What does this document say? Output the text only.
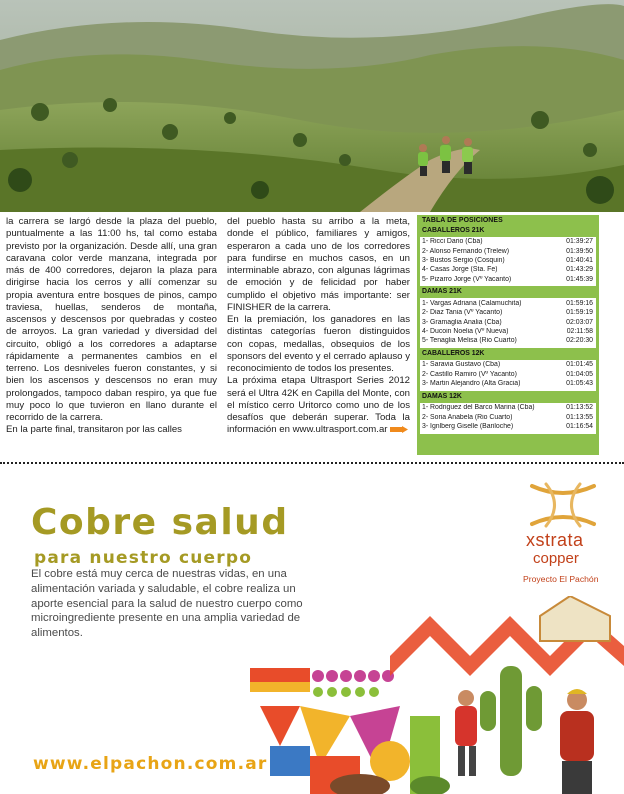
la carrera se largó desde la plaza del pueblo, puntualmente a las 11:00 hs, tal como estaba previsto por la organización. Desde allí, una gran caravana color verde manzana, integrada por más de 400 corredores, dejaron la plaza para dirigirse hacia los cerros y allí comenzar su propia aventura entre bosques de pinos, campo traviesa, huellas, senderos de montaña, ascensos y descensos por quebradas y costeo de arroyos. La gran variedad y diversidad del circuito, obligó a los corredores a adaptarse rápidamente a permanentes cambios en el terreno. Los desniveles fueron constantes, y si bien los ascensos y descensos no eran muy prolongados, tampoco daban respiro, ya que fue muy poco lo que tuvieron en llano durante el recorrido de la carrera.

En la parte final, transitaron por las calles

del pueblo hasta su arribo a la meta, donde el público, familiares y amigos, esperaron a cada uno de los corredores para fundirse en muchos casos, en un interminable abrazo, con algunas lágrimas de emoción y de felicidad por haber cumplido el objetivo más importante: ser FINISHER de la carrera.

En la premiación, los ganadores en las distintas categorías fueron distinguidos con copas, medallas, obsequios de los sponsors del evento y el cerrado aplauso y reconocimiento de todos los presentes.

La próxima etapa Ultrasport Series 2012 será el Ultra 42K en Capilla del Monte, con el místico cerro Uritorco como uno de los desafíos que deberán superar. Toda la información en www.ultrasport.com.ar

TABLA DE POSICIONES
CABALLEROS 21K
1- Ricci Dario (Cba)	01:39:27
2- Alonso Fernando (Trelew)	01:39:50
3- Bustos Sergio (Cosquin)	01:40:41
4- Casas Jorge (Sta. Fe)	01:43:29
5- Pizarro Jorge (Vº Yacanto)	01:45:39
DAMAS 21K
1- Vargas Adriana (Calamuchita)	01:59:16
2- Diaz Tania (Vº Yacanto)	01:59:19
3- Gramaglia Analia (Cba)	02:03:07
4- Ducoin Noelia (Vº Nueva)	02:11:58
5- Tenaglia Melisa (Rio Cuarto)	02:20:30
CABALLEROS 12K
1- Saravia Gustavo (Cba)	01:01:45
2- Castillo Ramiro (Vº Yacanto)	01:04:05
3- Martin Alejandro (Alta Gracia)	01:05:43
DAMAS 12K
1- Rodriguez del Barco Marina (Cba)	01:13:52
2- Soria Anabela (Rio Cuarto)	01:13:55
3- Ignlberg Giselle (Bariloche)	01:16:54
Cobre salud
para nuestro cuerpo
El cobre está muy cerca de nuestras vidas, en una alimentación variada y saludable, el cobre realiza un aporte esencial para la salud de nuestro cuerpo como microingrediente presente en una amplia variedad de alimentos.
xstrata
copper
Proyecto El Pachón
www.elpachon.com.ar
